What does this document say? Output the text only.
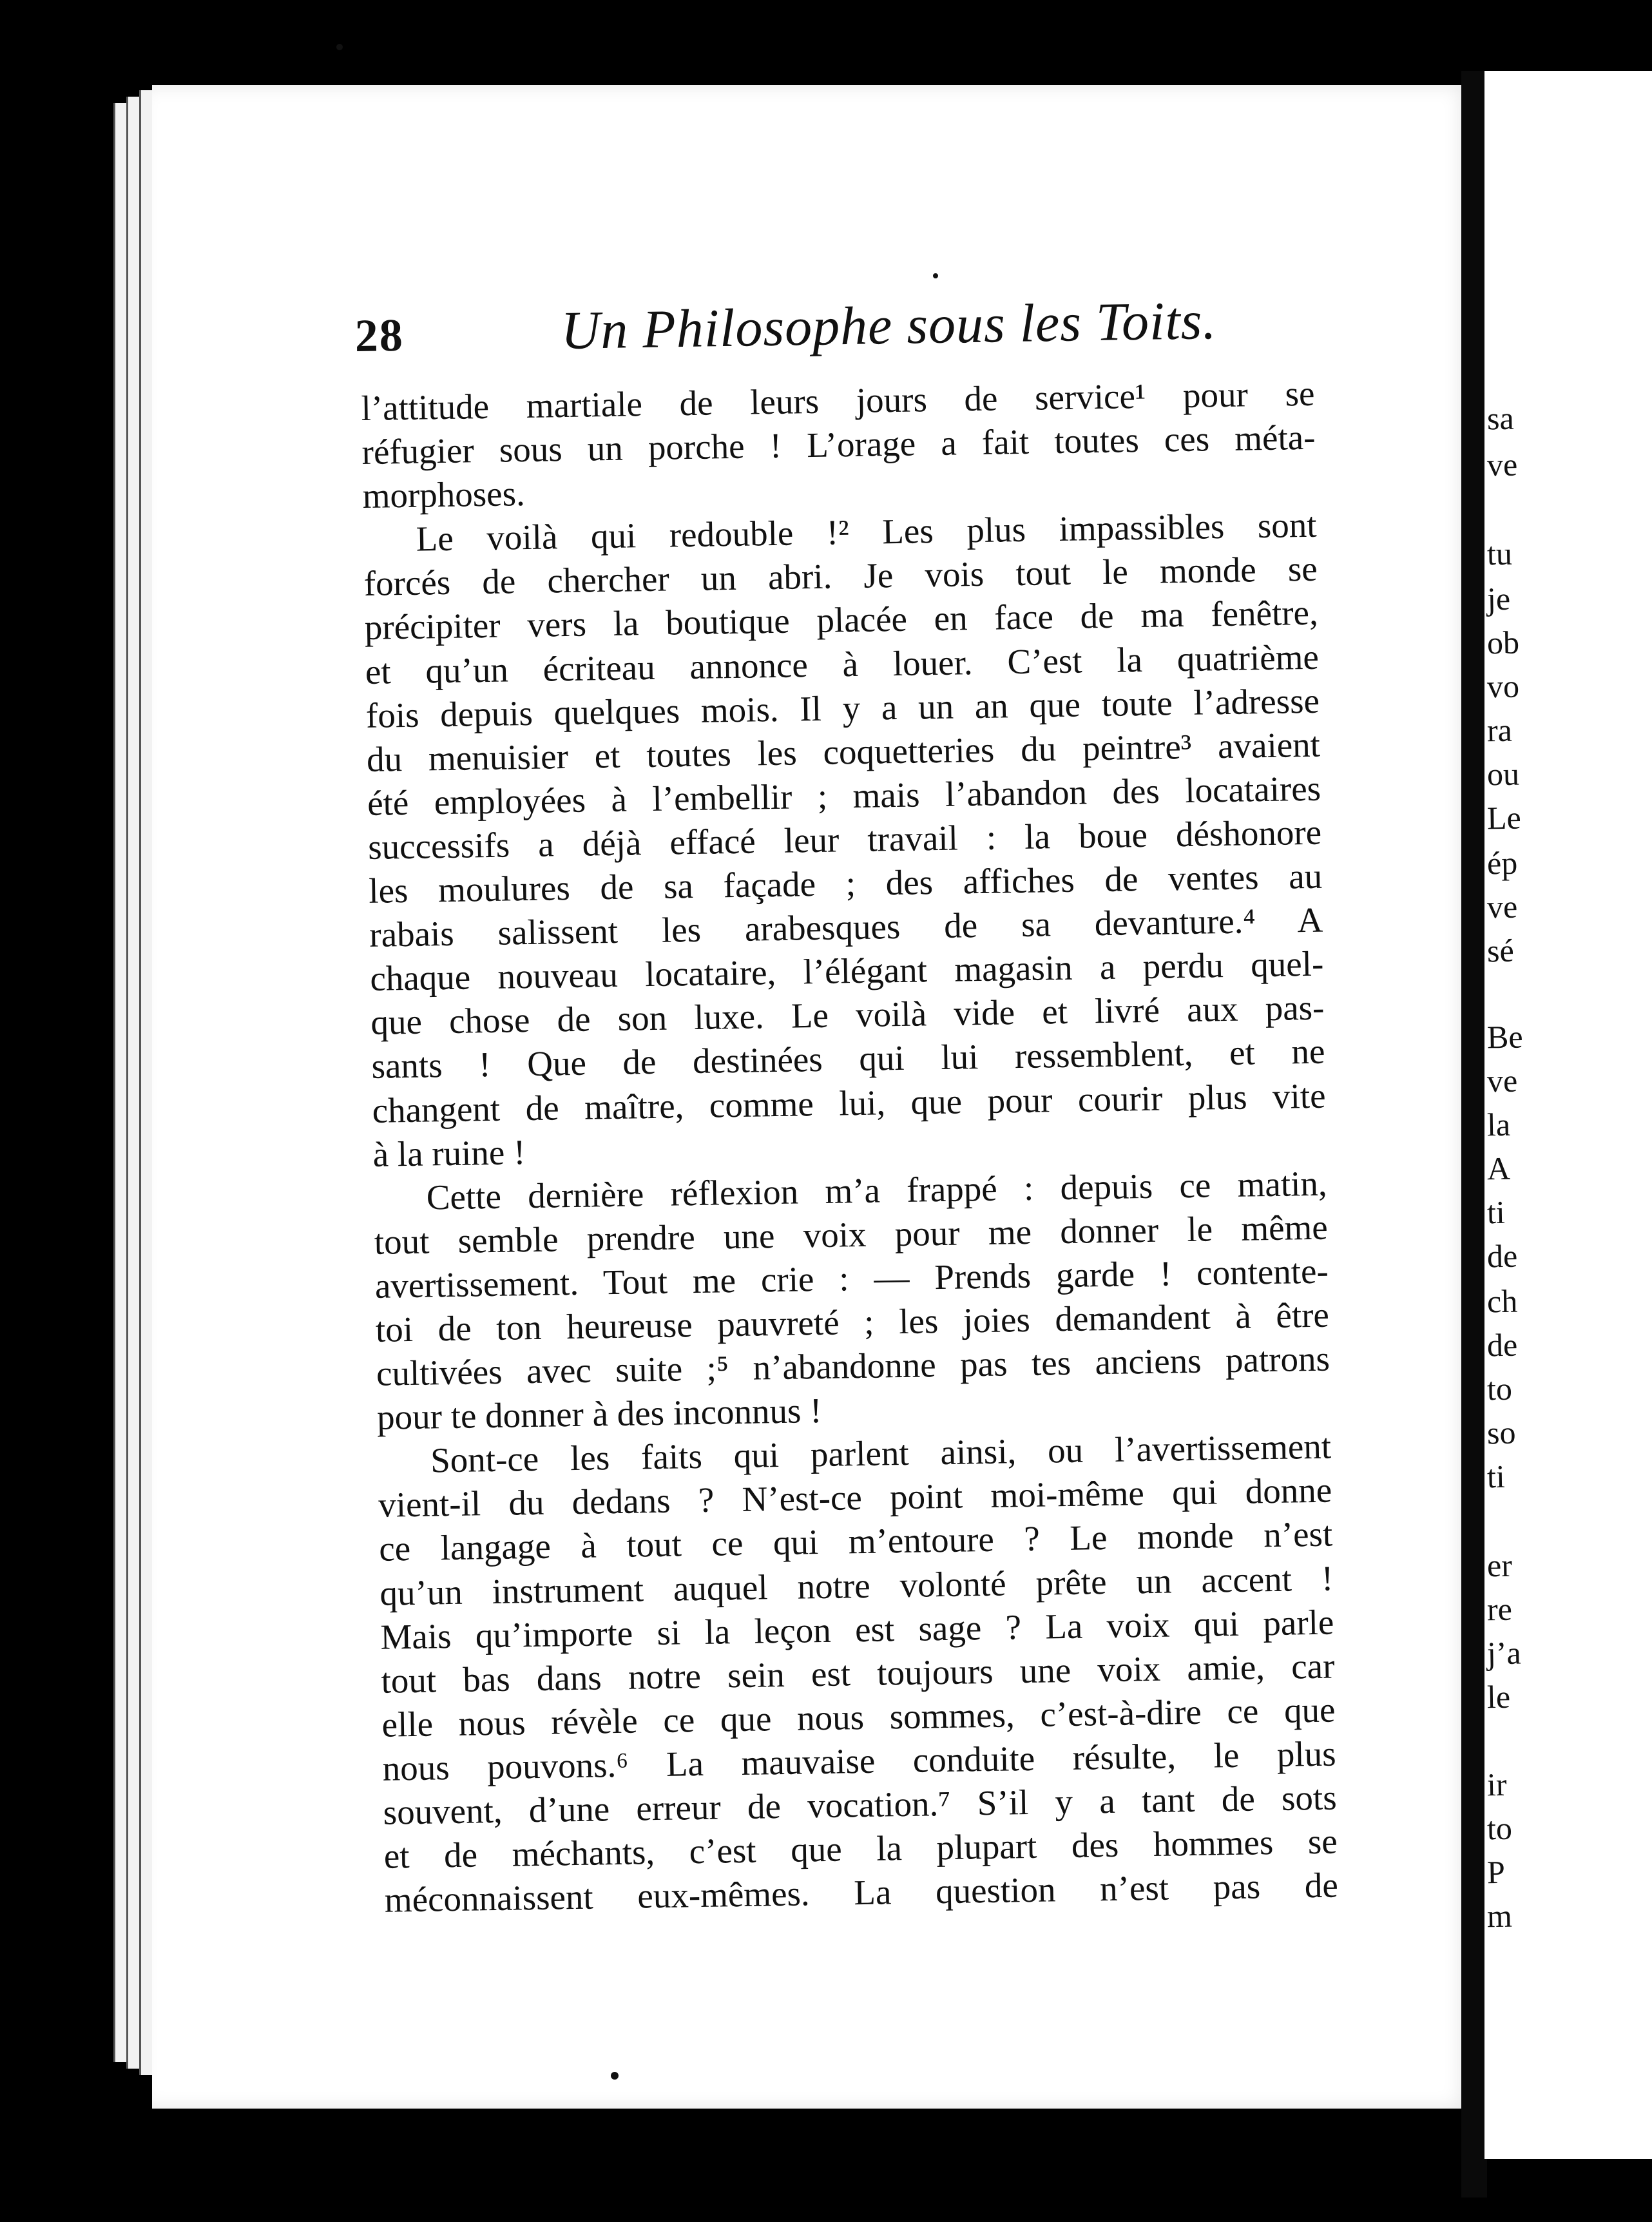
28	Un Philosophe sous les Toits.
l’attitude martiale de leurs jours de service¹ pour se
réfugier sous un porche ! L’orage a fait toutes ces méta-
morphoses.
Le voilà qui redouble !² Les plus impassibles sont
forcés de chercher un abri. Je vois tout le monde se
précipiter vers la boutique placée en face de ma fenêtre,
et qu’un écriteau annonce à louer. C’est la quatrième
fois depuis quelques mois. Il y a un an que toute l’adresse
du menuisier et toutes les coquetteries du peintre³ avaient
été employées à l’embellir ; mais l’abandon des locataires
successifs a déjà effacé leur travail : la boue déshonore
les moulures de sa façade ; des affiches de ventes au
rabais salissent les arabesques de sa devanture.⁴ A
chaque nouveau locataire, l’élégant magasin a perdu quel-
que chose de son luxe. Le voilà vide et livré aux pas-
sants ! Que de destinées qui lui ressemblent, et ne
changent de maître, comme lui, que pour courir plus vite
à la ruine !
Cette dernière réflexion m’a frappé : depuis ce matin,
tout semble prendre une voix pour me donner le même
avertissement. Tout me crie : — Prends garde ! contente-
toi de ton heureuse pauvreté ; les joies demandent à être
cultivées avec suite ;⁵ n’abandonne pas tes anciens patrons
pour te donner à des inconnus !
Sont-ce les faits qui parlent ainsi, ou l’avertissement
vient-il du dedans ? N’est-ce point moi-même qui donne
ce langage à tout ce qui m’entoure ? Le monde n’est
qu’un instrument auquel notre volonté prête un accent !
Mais qu’importe si la leçon est sage ? La voix qui parle
tout bas dans notre sein est toujours une voix amie, car
elle nous révèle ce que nous sommes, c’est-à-dire ce que
nous pouvons.⁶ La mauvaise conduite résulte, le plus
souvent, d’une erreur de vocation.⁷ S’il y a tant de sots
et de méchants, c’est que la plupart des hommes se
méconnaissent eux-mêmes. La question n’est pas de
sa
ve
tu
je
ob
vo
ra
ou
Le
ép
ve
sé
Be
ve
la
A
ti
de
ch
de
to
so
ti
er
re
j’a
le
ir
to
P
m
